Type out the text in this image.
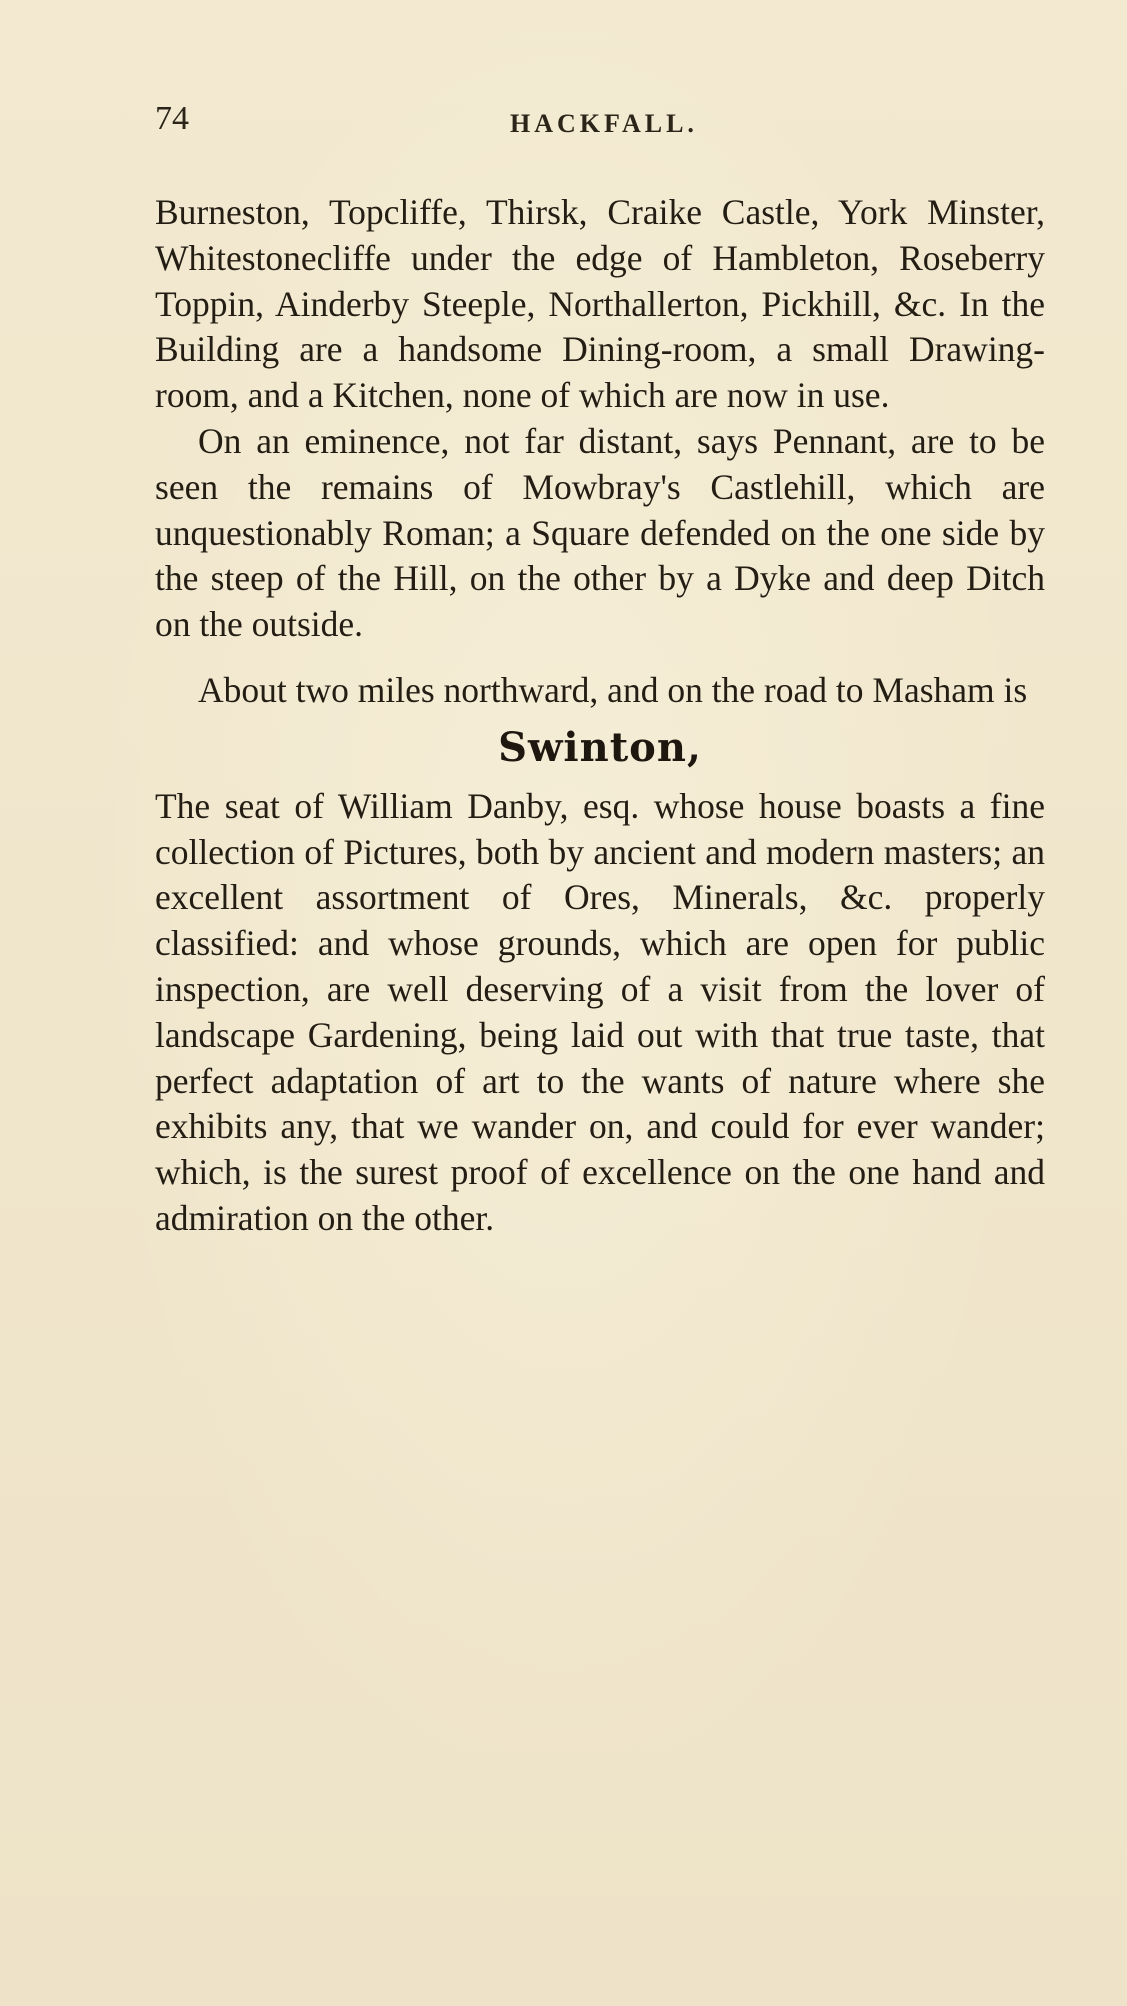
74	HACKFALL.

Burneston, Topcliffe, Thirsk, Craike Castle, York Minster, Whitestonecliffe under the edge of Hambleton, Roseberry Toppin, Ainderby Steeple, Northallerton, Pickhill, &c. In the Building are a handsome Dining-room, a small Drawing-room, and a Kitchen, none of which are now in use.

On an eminence, not far distant, says Pennant, are to be seen the remains of Mowbray's Castlehill, which are unquestionably Roman; a Square defended on the one side by the steep of the Hill, on the other by a Dyke and deep Ditch on the outside.

About two miles northward, and on the road to Masham is

Swinton,

The seat of William Danby, esq. whose house boasts a fine collection of Pictures, both by ancient and modern masters; an excellent assortment of Ores, Minerals, &c. properly classified: and whose grounds, which are open for public inspection, are well deserving of a visit from the lover of landscape Gardening, being laid out with that true taste, that perfect adaptation of art to the wants of nature where she exhibits any, that we wander on, and could for ever wander; which, is the surest proof of excellence on the one hand and admiration on the other.
